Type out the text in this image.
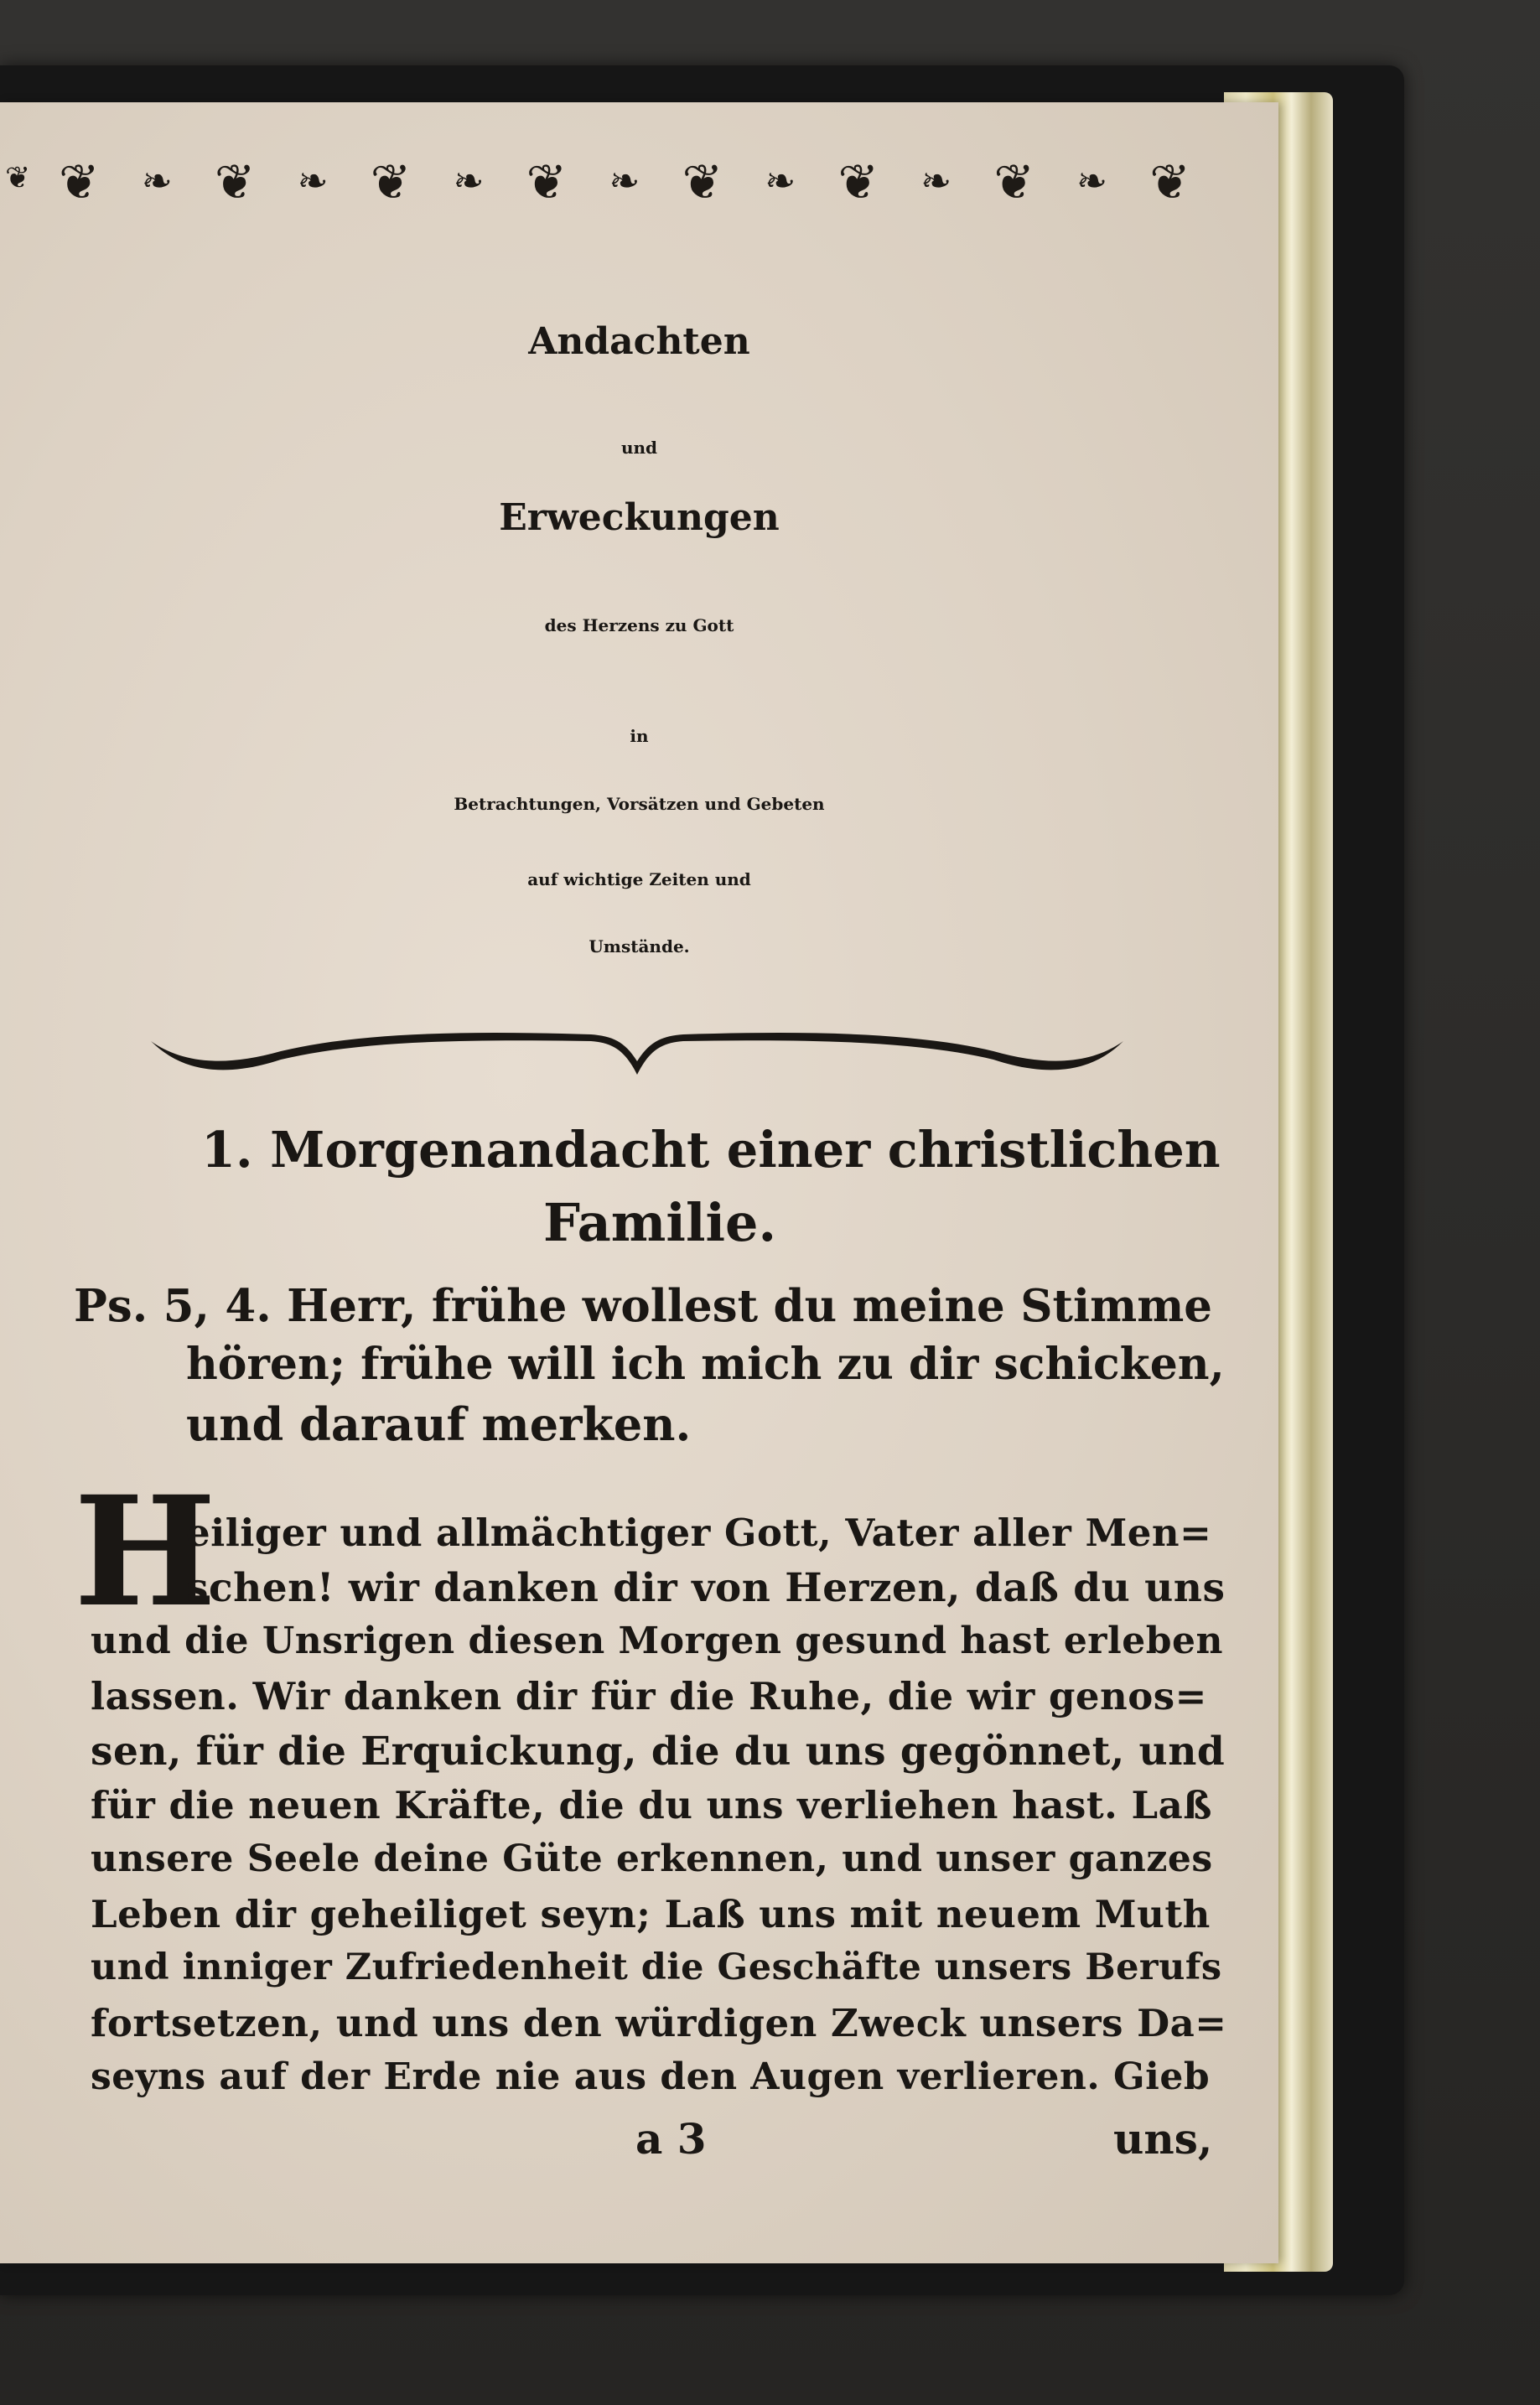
❦ ❦ ❧ ❦ ❧ ❦ ❧ ❦ ❧ ❦ ❧ ❦ ❧ ❦ ❧ ❦
Andachten
und
Erweckungen
des Herzens zu Gott
in
Betrachtungen, Vorsätzen und Gebeten
auf wichtige Zeiten und
Umstände.
1. Morgenandacht einer christlichen
Familie.
Ps. 5, 4. Herr, frühe wollest du meine Stimme
hören; frühe will ich mich zu dir schicken,
und darauf merken.
H
eiliger und allmächtiger Gott, Vater aller Men=
schen! wir danken dir von Herzen, daß du uns
und die Unsrigen diesen Morgen gesund hast erleben
lassen. Wir danken dir für die Ruhe, die wir genos=
sen, für die Erquickung, die du uns gegönnet, und
für die neuen Kräfte, die du uns verliehen hast. Laß
unsere Seele deine Güte erkennen, und unser ganzes
Leben dir geheiliget seyn; Laß uns mit neuem Muth
und inniger Zufriedenheit die Geschäfte unsers Berufs
fortsetzen, und uns den würdigen Zweck unsers Da=
seyns auf der Erde nie aus den Augen verlieren. Gieb
a 3	uns,
